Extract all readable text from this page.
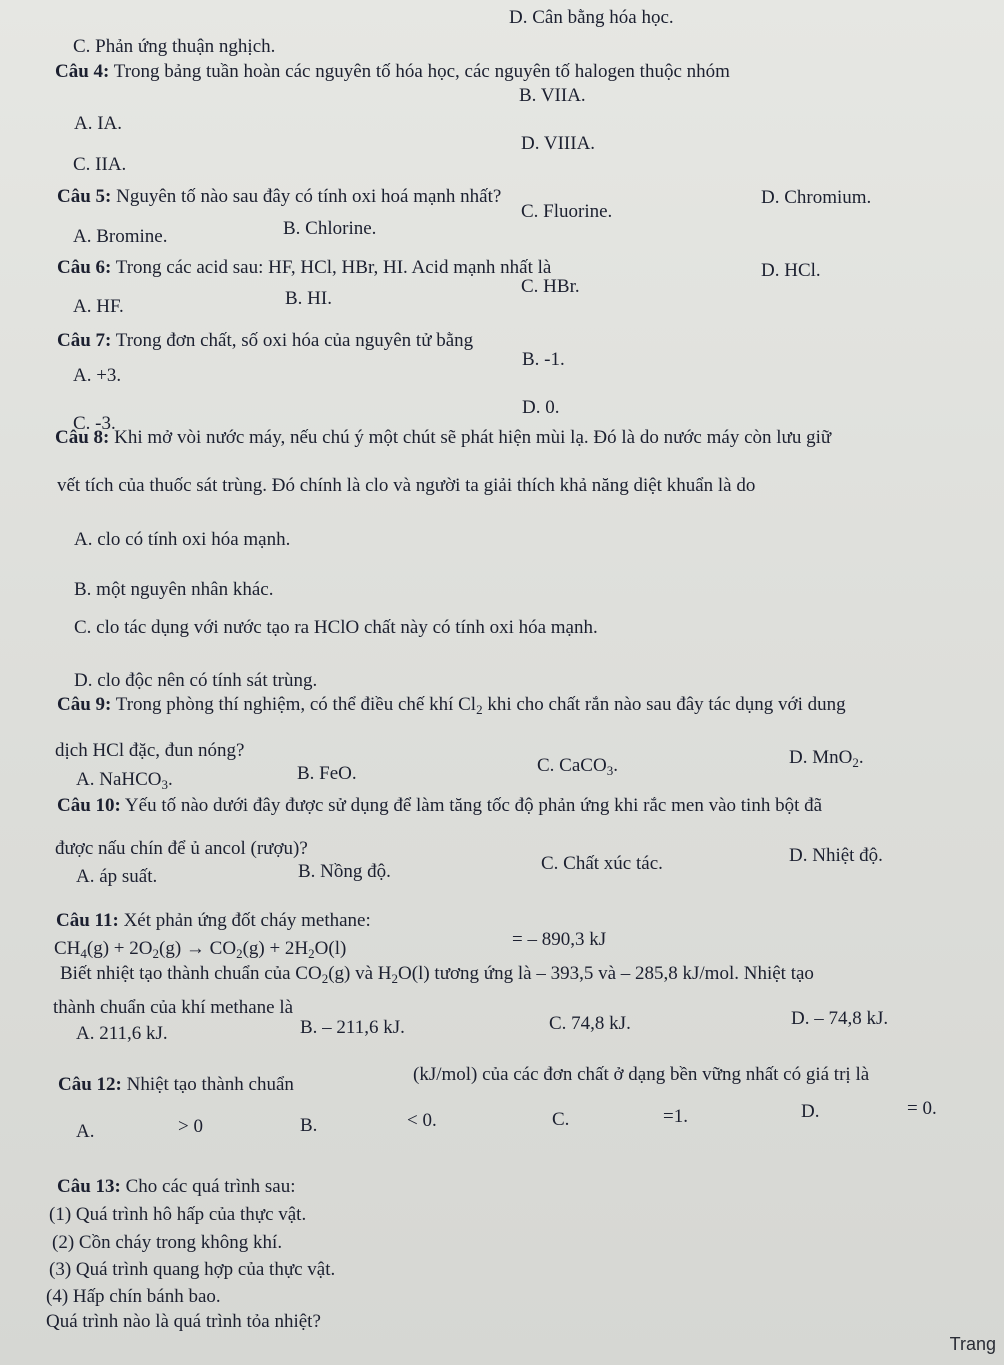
D. Cân bằng hóa học.
C. Phản ứng thuận nghịch.
Câu 4: Trong bảng tuần hoàn các nguyên tố hóa học, các nguyên tố halogen thuộc nhóm
A. IA.
B. VIIA.
C. IIA.
D. VIIIA.
Câu 5: Nguyên tố nào sau đây có tính oxi hoá mạnh nhất?
A. Bromine.	B. Chlorine.
C. Fluorine.
D. Chromium.
Câu 6: Trong các acid sau: HF, HCl, HBr, HI. Acid mạnh nhất là
A. HF.	B. HI.
C. HBr.
D. HCl.
Câu 7: Trong đơn chất, số oxi hóa của nguyên tử bằng
A. +3.
B. -1.
C. -3.
D. 0.
Câu 8: Khi mở vòi nước máy, nếu chú ý một chút sẽ phát hiện mùi lạ. Đó là do nước máy còn lưu giữ
vết tích của thuốc sát trùng. Đó chính là clo và người ta giải thích khả năng diệt khuẩn là do
A. clo có tính oxi hóa mạnh.
B. một nguyên nhân khác.
C. clo tác dụng với nước tạo ra HClO chất này có tính oxi hóa mạnh.
D. clo độc nên có tính sát trùng.
Câu 9: Trong phòng thí nghiệm, có thể điều chế khí $Cl_2$ khi cho chất rắn nào sau đây tác dụng với dung
dịch HCl đặc, đun nóng?
A. NaHCO$_3$.	B. FeO.	C. CaCO$_3$.	D. MnO$_2$.
Câu 10: Yếu tố nào dưới đây được sử dụng để làm tăng tốc độ phản ứng khi rắc men vào tinh bột đã
được nấu chín để ủ ancol (rượu)?
A. áp suất.	B. Nồng độ.	C. Chất xúc tác.	D. Nhiệt độ.
Câu 11: Xét phản ứng đốt cháy methane:
$CH_4(g) + 2O_2(g) \to CO_2(g) + 2H_2O(l)$	= – 890,3 kJ
Biết nhiệt tạo thành chuẩn của $CO_2(g)$ và $H_2O(l)$ tương ứng là – 393,5 và – 285,8 kJ/mol. Nhiệt tạo
thành chuẩn của khí methane là
A. 211,6 kJ.	B. – 211,6 kJ.	C. 74,8 kJ.	D. – 74,8 kJ.
Câu 12: Nhiệt tạo thành chuẩn	(kJ/mol) của các đơn chất ở dạng bền vững nhất có giá trị là
A.	> 0	B.	< 0.	C.	=1.	D.	= 0.
Câu 13: Cho các quá trình sau:
(1) Quá trình hô hấp của thực vật.
(2) Cồn cháy trong không khí.
(3) Quá trình quang hợp của thực vật.
(4) Hấp chín bánh bao.
Quá trình nào là quá trình tỏa nhiệt?
Trang
